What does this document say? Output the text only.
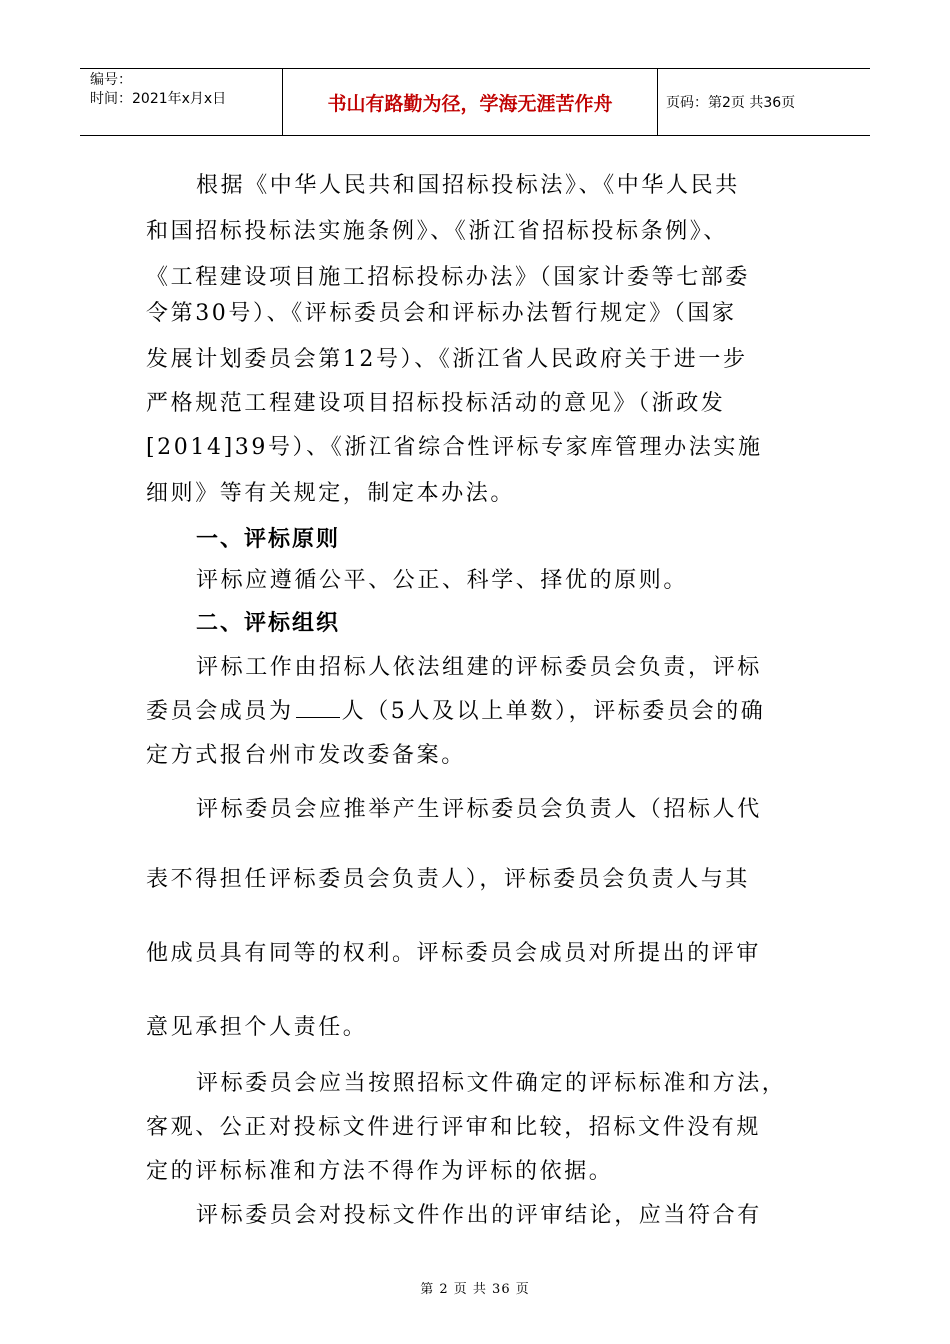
编号：
时间：2021年x月x日	书山有路勤为径，学海无涯苦作舟	页码：第2页 共36页
根据《中华人民共和国招标投标法》、《中华人民共
和国招标投标法实施条例》、《浙江省招标投标条例》、
《工程建设项目施工招标投标办法》（国家计委等七部委
令第30号）、《评标委员会和评标办法暂行规定》（国家
发展计划委员会第12号）、《浙江省人民政府关于进一步
严格规范工程建设项目招标投标活动的意见》（浙政发
[2014]39号）、《浙江省综合性评标专家库管理办法实施
细则》等有关规定，制定本办法。
一、评标原则
评标应遵循公平、公正、科学、择优的原则。
二、评标组织
评标工作由招标人依法组建的评标委员会负责，评标
委员会成员为 人（5人及以上单数），评标委员会的确
定方式报台州市发改委备案。
评标委员会应推举产生评标委员会负责人（招标人代
表不得担任评标委员会负责人），评标委员会负责人与其
他成员具有同等的权利。评标委员会成员对所提出的评审
意见承担个人责任。
评标委员会应当按照招标文件确定的评标标准和方法，
客观、公正对投标文件进行评审和比较，招标文件没有规
定的评标标准和方法不得作为评标的依据。
评标委员会对投标文件作出的评审结论，应当符合有
第 2 页 共 36 页
